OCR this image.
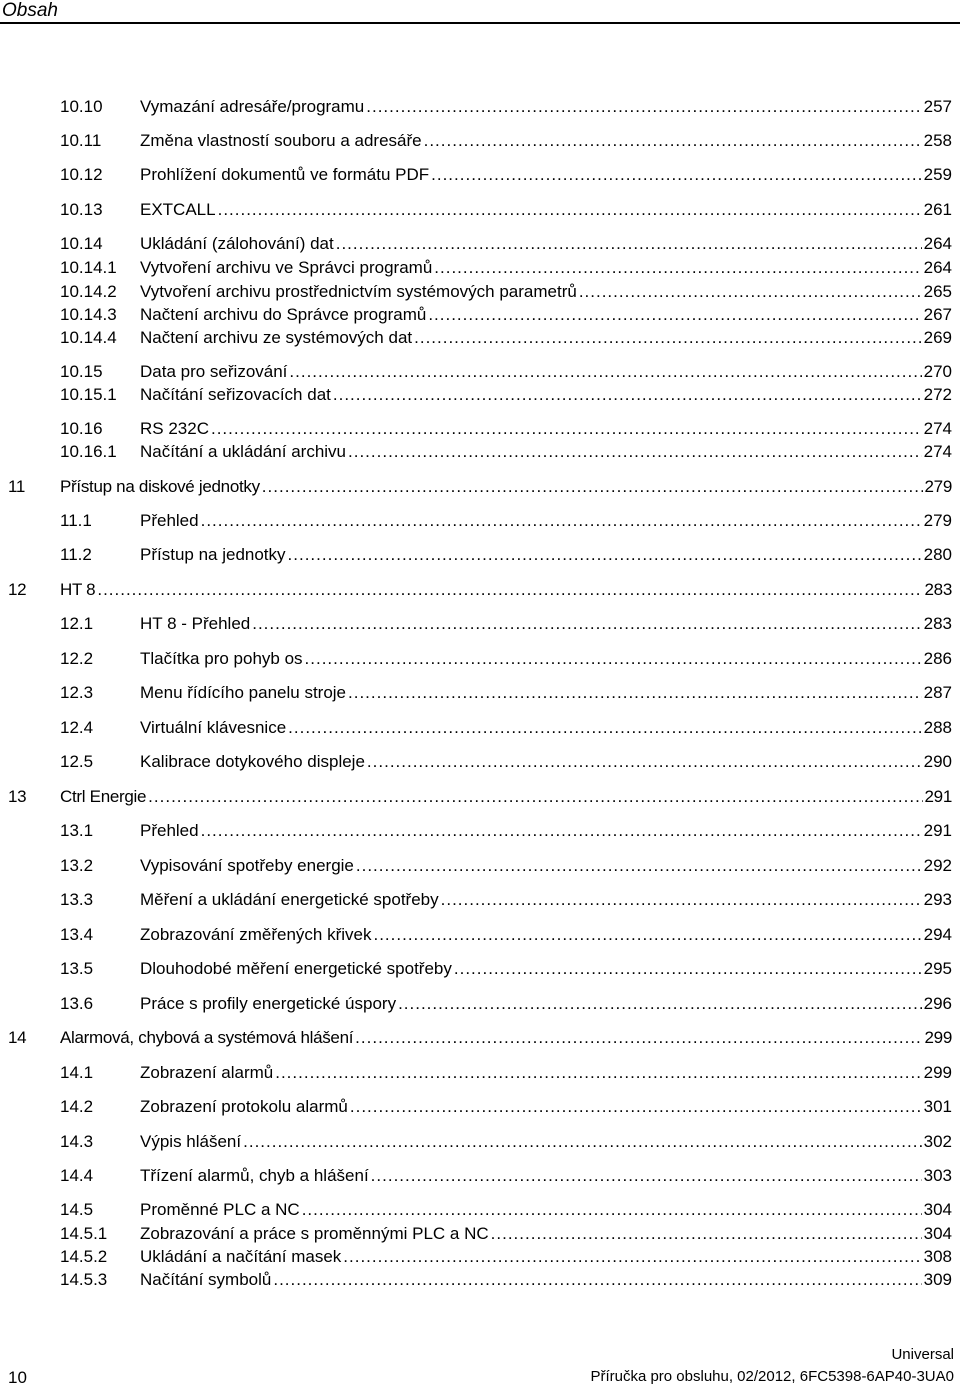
Obsah
10.10 Vymazání adresáře/programu .....	257
10.11 Změna vlastností souboru a adresáře .....	258
10.12 Prohlížení dokumentů ve formátu PDF .....	259
10.13 EXTCALL .....	261
10.14 Ukládání (zálohování) dat .....	264
10.14.1 Vytvoření archivu ve Správci programů .....	264
10.14.2 Vytvoření archivu prostřednictvím systémových parametrů .....	265
10.14.3 Načtení archivu do Správce programů .....	267
10.14.4 Načtení archivu ze systémových dat .....	269
10.15 Data pro seřizování .....	270
10.15.1 Načítání seřizovacích dat .....	272
10.16 RS 232C .....	274
10.16.1 Načítání a ukládání archivu .....	274
11 Přístup na diskové jednotky .....	279
11.1	Přehled .....	279
11.2	Přístup na jednotky .....	280
12 HT 8 .....	283
12.1	HT 8 - Přehled .....	283
12.2	Tlačítka pro pohyb os .....	286
12.3	Menu řídícího panelu stroje .....	287
12.4	Virtuální klávesnice .....	288
12.5	Kalibrace dotykového displeje .....	290
13 Ctrl Energie .....	291
13.1	Přehled .....	291
13.2	Vypisování spotřeby energie .....	292
13.3	Měření a ukládání energetické spotřeby .....	293
13.4	Zobrazování změřených křivek .....	294
13.5	Dlouhodobé měření energetické spotřeby .....	295
13.6	Práce s profily energetické úspory .....	296
14 Alarmová, chybová a systémová hlášení .....	299
14.1	Zobrazení alarmů .....	299
14.2	Zobrazení protokolu alarmů .....	301
14.3	Výpis hlášení .....	302
14.4	Třízení alarmů, chyb a hlášení .....	303
14.5	Proměnné PLC a NC .....	304
14.5.1 Zobrazování a práce s proměnnými PLC a NC .....	304
14.5.2 Ukládání a načítání masek .....	308
14.5.3 Načítání symbolů .....	309
10
Universal
Příručka pro obsluhu, 02/2012, 6FC5398-6AP40-3UA0
